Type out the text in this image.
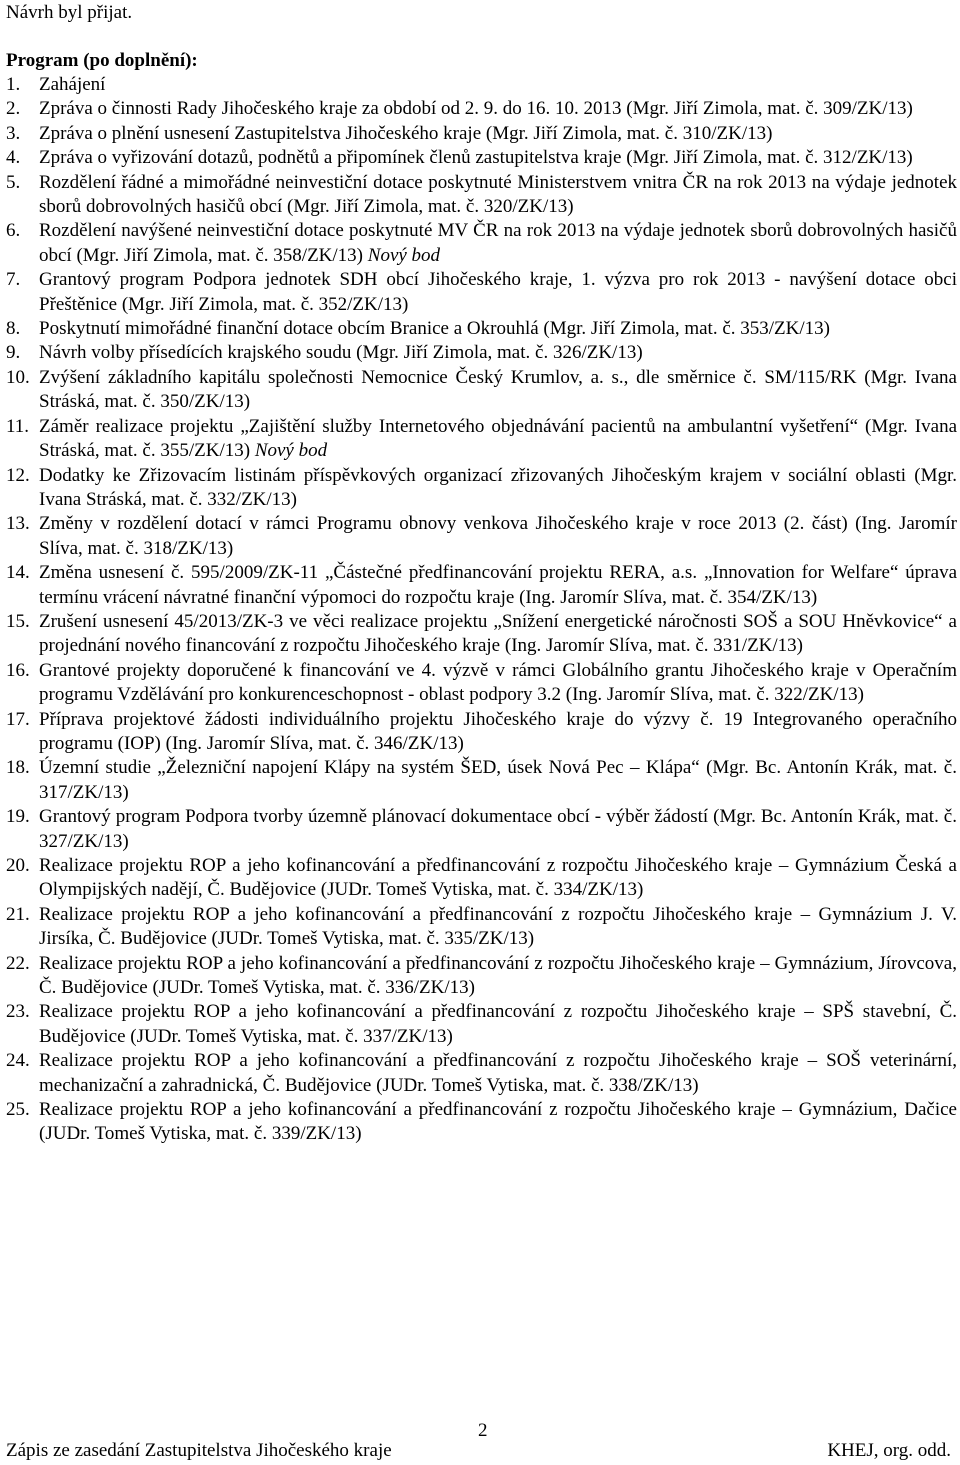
Návrh byl přijat.

Program (po doplnění):

1. Zahájení
2. Zpráva o činnosti Rady Jihočeského kraje za období od 2. 9. do 16. 10. 2013 (Mgr. Jiří Zimola, mat. č. 309/ZK/13)
3. Zpráva o plnění usnesení Zastupitelstva Jihočeského kraje (Mgr. Jiří Zimola, mat. č. 310/ZK/13)
4. Zpráva o vyřizování dotazů, podnětů a připomínek členů zastupitelstva kraje (Mgr. Jiří Zimola, mat. č. 312/ZK/13)
5. Rozdělení řádné a mimořádné neinvestiční dotace poskytnuté Ministerstvem vnitra ČR na rok 2013 na výdaje jednotek sborů dobrovolných hasičů obcí (Mgr. Jiří Zimola, mat. č. 320/ZK/13)
6. Rozdělení navýšené neinvestiční dotace poskytnuté MV ČR na rok 2013 na výdaje jednotek sborů dobrovolných hasičů obcí (Mgr. Jiří Zimola, mat. č. 358/ZK/13) Nový bod
7. Grantový program Podpora jednotek SDH obcí Jihočeského kraje, 1. výzva pro rok 2013 - navýšení dotace obci Přeštěnice (Mgr. Jiří Zimola, mat. č. 352/ZK/13)
8. Poskytnutí mimořádné finanční dotace obcím Branice a Okrouhlá (Mgr. Jiří Zimola, mat. č. 353/ZK/13)
9. Návrh volby přísedících krajského soudu (Mgr. Jiří Zimola, mat. č. 326/ZK/13)
10. Zvýšení základního kapitálu společnosti Nemocnice Český Krumlov, a. s., dle směrnice č. SM/115/RK (Mgr. Ivana Stráská, mat. č. 350/ZK/13)
11. Záměr realizace projektu „Zajištění služby Internetového objednávání pacientů na ambulantní vyšetření“ (Mgr. Ivana Stráská, mat. č. 355/ZK/13) Nový bod
12. Dodatky ke Zřizovacím listinám příspěvkových organizací zřizovaných Jihočeským krajem v sociální oblasti (Mgr. Ivana Stráská, mat. č. 332/ZK/13)
13. Změny v rozdělení dotací v rámci Programu obnovy venkova Jihočeského kraje v roce 2013 (2. část) (Ing. Jaromír Slíva, mat. č. 318/ZK/13)
14. Změna usnesení č. 595/2009/ZK-11 „Částečné předfinancování projektu RERA, a.s. „Innovation for Welfare“ úprava termínu vrácení návratné finanční výpomoci do rozpočtu kraje (Ing. Jaromír Slíva, mat. č. 354/ZK/13)
15. Zrušení usnesení 45/2013/ZK-3 ve věci realizace projektu „Snížení energetické náročnosti SOŠ a SOU Hněvkovice“ a projednání nového financování z rozpočtu Jihočeského kraje (Ing. Jaromír Slíva, mat. č. 331/ZK/13)
16. Grantové projekty doporučené k financování ve 4. výzvě v rámci Globálního grantu Jihočeského kraje v Operačním programu Vzdělávání pro konkurenceschopnost - oblast podpory 3.2 (Ing. Jaromír Slíva, mat. č. 322/ZK/13)
17. Příprava projektové žádosti individuálního projektu Jihočeského kraje do výzvy č. 19 Integrovaného operačního programu (IOP) (Ing. Jaromír Slíva, mat. č. 346/ZK/13)
18. Územní studie „Železniční napojení Klápy na systém ŠED, úsek Nová Pec – Klápa“ (Mgr. Bc. Antonín Krák, mat. č. 317/ZK/13)
19. Grantový program Podpora tvorby územně plánovací dokumentace obcí - výběr žádostí (Mgr. Bc. Antonín Krák, mat. č. 327/ZK/13)
20. Realizace projektu ROP a jeho kofinancování a předfinancování z rozpočtu Jihočeského kraje – Gymnázium Česká a Olympijských nadějí, Č. Budějovice (JUDr. Tomeš Vytiska, mat. č. 334/ZK/13)
21. Realizace projektu ROP a jeho kofinancování a předfinancování z rozpočtu Jihočeského kraje – Gymnázium J. V. Jirsíka, Č. Budějovice (JUDr. Tomeš Vytiska, mat. č. 335/ZK/13)
22. Realizace projektu ROP a jeho kofinancování a předfinancování z rozpočtu Jihočeského kraje – Gymnázium, Jírovcova, Č. Budějovice (JUDr. Tomeš Vytiska, mat. č. 336/ZK/13)
23. Realizace projektu ROP a jeho kofinancování a předfinancování z rozpočtu Jihočeského kraje – SPŠ stavební, Č. Budějovice (JUDr. Tomeš Vytiska, mat. č. 337/ZK/13)
24. Realizace projektu ROP a jeho kofinancování a předfinancování z rozpočtu Jihočeského kraje – SOŠ veterinární, mechanizační a zahradnická, Č. Budějovice (JUDr. Tomeš Vytiska, mat. č. 338/ZK/13)
25. Realizace projektu ROP a jeho kofinancování a předfinancování z rozpočtu Jihočeského kraje – Gymnázium, Dačice (JUDr. Tomeš Vytiska, mat. č. 339/ZK/13)
2
Zápis ze zasedání Zastupitelstva Jihočeského kraje	KHEJ, org. odd.
